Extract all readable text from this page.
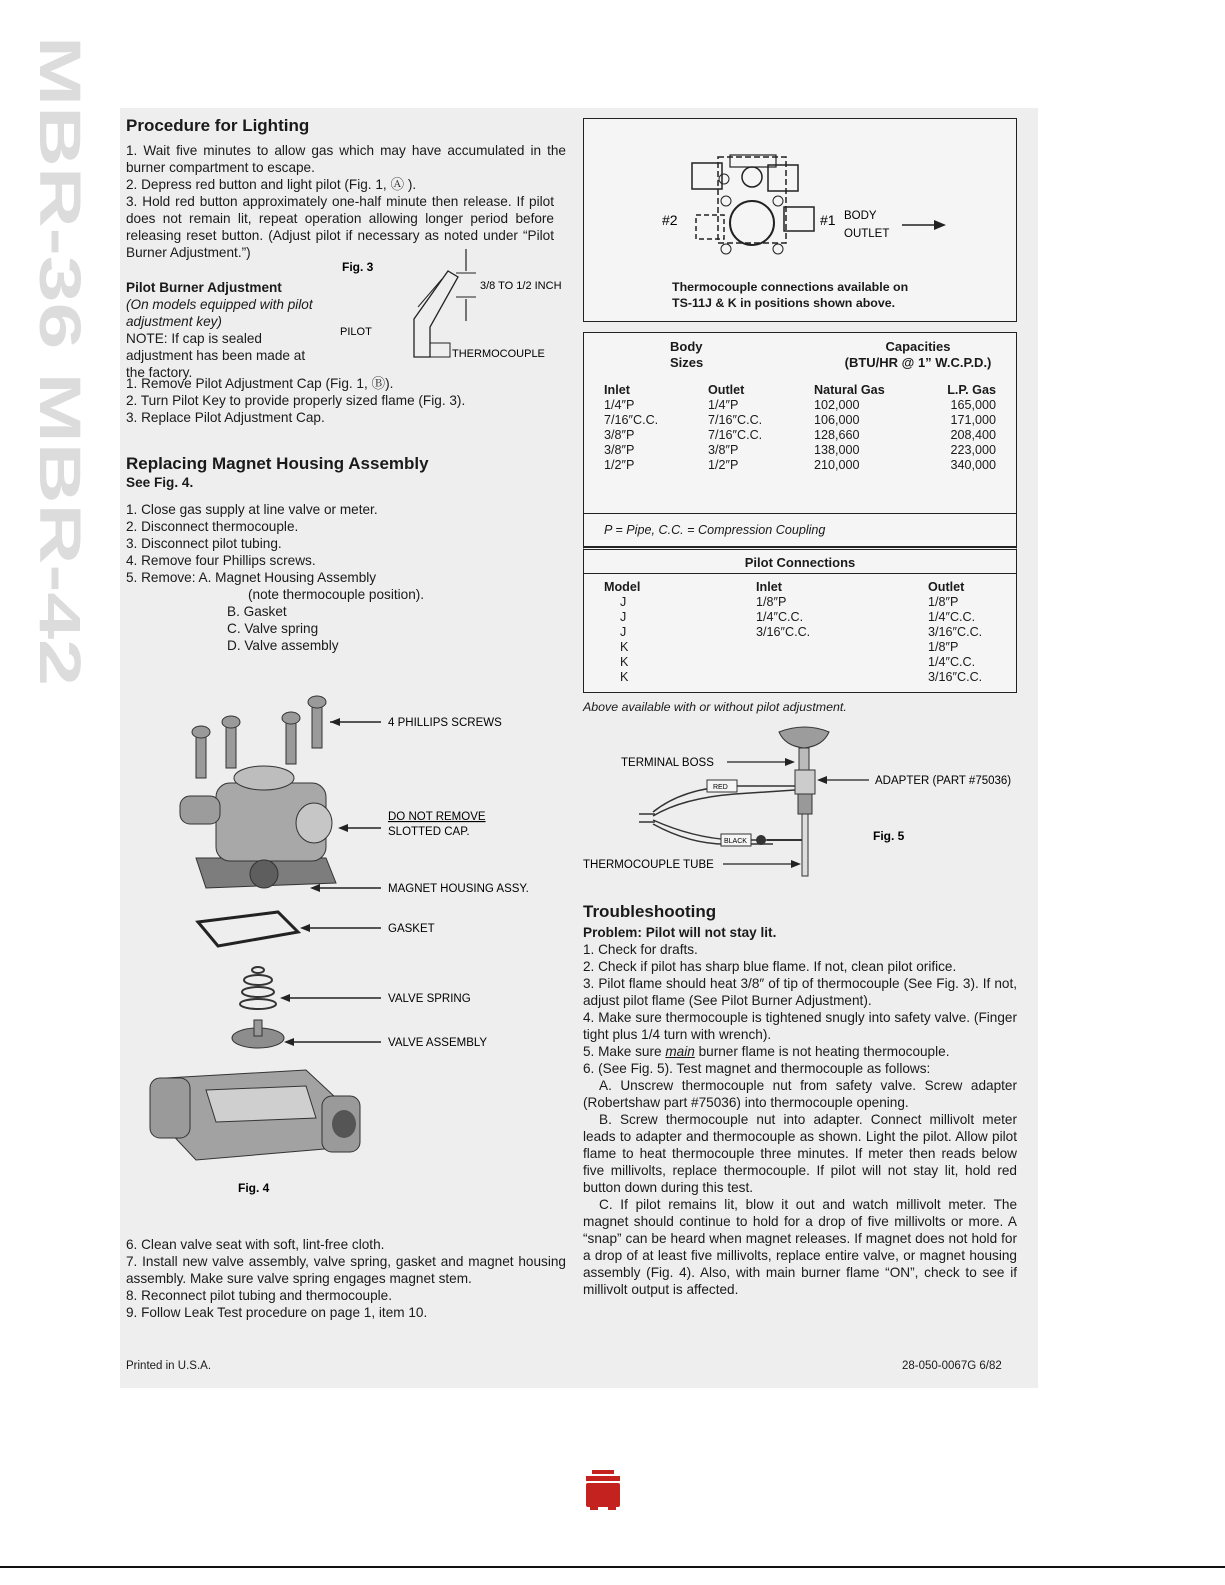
MBR-36 MBR-42 Procedure for Lighting

1. Wait five minutes to allow gas which may have accumulated in the burner compartment to escape.

2. Depress red button and light pilot (Fig. 1, Ⓐ ).

3. Hold red button approximately one-half minute then release. If pilot does not remain lit, repeat operation allowing longer period before releasing reset button. (Adjust pilot if necessary as noted under “Pilot Burner Adjustment.”)

Pilot Burner Adjustment
(On models equipped with pilot adjustment key)
NOTE: If cap is sealed adjustment has been made at the factory.
Fig. 3
3/8 TO 1/2 INCH
PILOT
THERMOCOUPLE

1. Remove Pilot Adjustment Cap (Fig. 1, Ⓑ).

2. Turn Pilot Key to provide properly sized flame (Fig. 3).

3. Replace Pilot Adjustment Cap.

Replacing Magnet Housing Assembly
See Fig. 4.

1. Close gas supply at line valve or meter.

2. Disconnect thermocouple.

3. Disconnect pilot tubing.

4. Remove four Phillips screws.

5. Remove: A. Magnet Housing Assembly

(note thermocouple position).

B. Gasket

C. Valve spring

D. Valve assembly

4 PHILLIPS SCREWS
DO NOT REMOVE
SLOTTED CAP.
MAGNET HOUSING ASSY.
GASKET
VALVE SPRING
VALVE ASSEMBLY
Fig. 4

6. Clean valve seat with soft, lint-free cloth.

7. Install new valve assembly, valve spring, gasket and magnet housing assembly. Make sure valve spring engages magnet stem.

8. Reconnect pilot tubing and thermocouple.

9. Follow Leak Test procedure on page 1, item 10.

#2	#1 BODY
OUTLET
Thermocouple connections available on
TS-11J & K in positions shown above.
Body
Sizes
Capacities
(BTU/HR @ 1” W.C.P.D.)
Inlet	Outlet	Natural Gas	L.P. Gas
1/4″P	1/4″P	102,000	165,000
7/16″C.C.	7/16″C.C.	106,000	171,000
3/8″P	7/16″C.C.	128,660	208,400
3/8″P	3/8″P	138,000	223,000
1/2″P	1/2″P	210,000	340,000
P = Pipe, C.C. = Compression Coupling
Pilot Connections
Model	Inlet	Outlet
J	1/8″P	1/8″P
J	1/4″C.C.	1/4″C.C.
J	3/16″C.C.	3/16″C.C.
K		1/8″P
K		1/4″C.C.
K		3/16″C.C.
Above available with or without pilot adjustment.
TERMINAL BOSS
ADAPTER (PART #75036)
RED
BLACK	Fig. 5
THERMOCOUPLE TUBE
Troubleshooting
Problem: Pilot will not stay lit.

1. Check for drafts.

2. Check if pilot has sharp blue flame. If not, clean pilot orifice.

3. Pilot flame should heat 3/8″ of tip of thermocouple (See Fig. 3). If not, adjust pilot flame (See Pilot Burner Adjustment).

4. Make sure thermocouple is tightened snugly into safety valve. (Finger tight plus 1/4 turn with wrench).

5. Make sure main burner flame is not heating thermocouple.

6. (See Fig. 5). Test magnet and thermocouple as follows:

A. Unscrew thermocouple nut from safety valve. Screw adapter (Robertshaw part #75036) into thermocouple opening.

B. Screw thermocouple nut into adapter. Connect millivolt meter leads to adapter and thermocouple as shown. Light the pilot. Allow pilot flame to heat thermocouple three minutes. If meter then reads below five millivolts, replace thermocouple. If pilot will not stay lit, hold red button down during this test.

C. If pilot remains lit, blow it out and watch millivolt meter. The magnet should continue to hold for a drop of five millivolts or more. A “snap” can be heard when magnet releases. If magnet does not hold for a drop of at least five millivolts, replace entire valve, or magnet housing assembly (Fig. 4). Also, with main burner flame “ON”, check to see if millivolt output is affected.

Printed in U.S.A.	28-050-0067G 6/82
